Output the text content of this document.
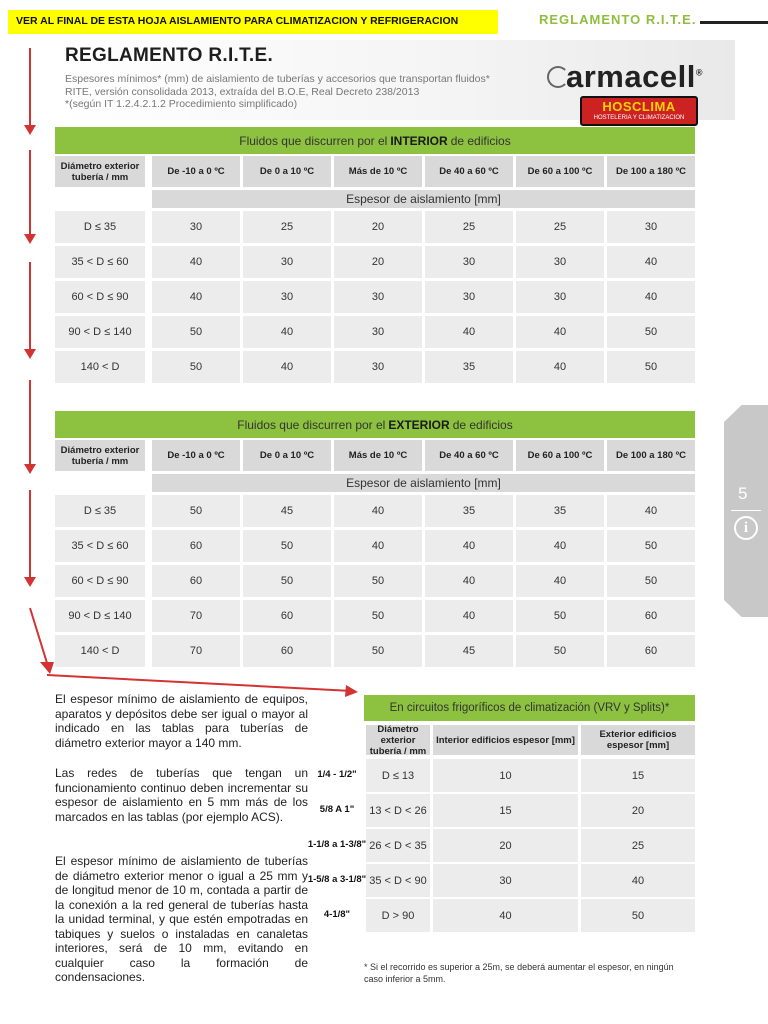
VER AL FINAL DE ESTA HOJA AISLAMIENTO PARA CLIMATIZACION Y REFRIGERACION	REGLAMENTO R.I.T.E.
REGLAMENTO R.I.T.E.
Espesores mínimos* (mm) de aislamiento de tuberías y accesorios que transportan fluidos*
RITE, versión consolidada 2013, extraída del B.O.E, Real Decreto 238/2013
*(según IT 1.2.4.2.1.2 Procedimiento simplificado)
armacell®
HOSCLIMA
HOSTELERIA Y CLIMATIZACION
5
i
Fluidos que discurren por el INTERIOR de edificios
Diámetro exterior tubería / mm	De -10 a 0 ºC	De 0 a 10 ºC	Más de 10 ºC	De 40 a 60 ºC	De 60 a 100 ºC	De 100 a 180 ºC
Espesor de aislamiento [mm]
D ≤ 35	30	25	20	25	25	30
35 < D ≤ 60	40	30	20	30	30	40
60 < D ≤ 90	40	30	30	30	30	40
90 < D ≤ 140	50	40	30	40	40	50
140 < D	50	40	30	35	40	50
Fluidos que discurren por el EXTERIOR de edificios
Diámetro exterior tubería / mm	De -10 a 0 ºC	De 0 a 10 ºC	Más de 10 ºC	De 40 a 60 ºC	De 60 a 100 ºC	De 100 a 180 ºC
Espesor de aislamiento [mm]
D ≤ 35	50	45	40	35	35	40
35 < D ≤ 60	60	50	40	40	40	50
60 < D ≤ 90	60	50	50	40	40	50
90 < D ≤ 140	70	60	50	40	50	60
140 < D	70	60	50	45	50	60
El espesor mínimo de aislamiento de equipos, aparatos y depósitos debe ser igual o mayor al indicado en las tablas para tuberías de diámetro exterior mayor a 140 mm.
Las redes de tuberías que tengan un funcionamiento continuo deben incrementar su espesor de aislamiento en 5 mm más de los marcados en las tablas (por ejemplo ACS).
El espesor mínimo de aislamiento de tuberías de diámetro exterior menor o igual a 25 mm y de longitud menor de 10 m, contada a partir de la conexión a la red general de tuberías hasta la unidad terminal, y que estén empotradas en tabiques y suelos o instaladas en canaletas interiores, será de 10 mm, evitando en cualquier caso la formación de condensaciones.
En circuitos frigoríficos de climatización (VRV y Splits)*
Diámetro exterior tubería / mm
Interior edificios espesor [mm]	Exterior edificios espesor [mm]
1/4 - 1/2"	D ≤ 13	10	15
5/8 A 1"	13 < D < 26	15	20
1-1/8 a 1-3/8" 26 < D < 35	20	25
1-5/8 a 3-1/8" 35 < D < 90	30	40
4-1/8"	D > 90	40	50
* Si el recorrido es superior a 25m, se deberá aumentar el espesor, en ningún caso inferior a 5mm.
